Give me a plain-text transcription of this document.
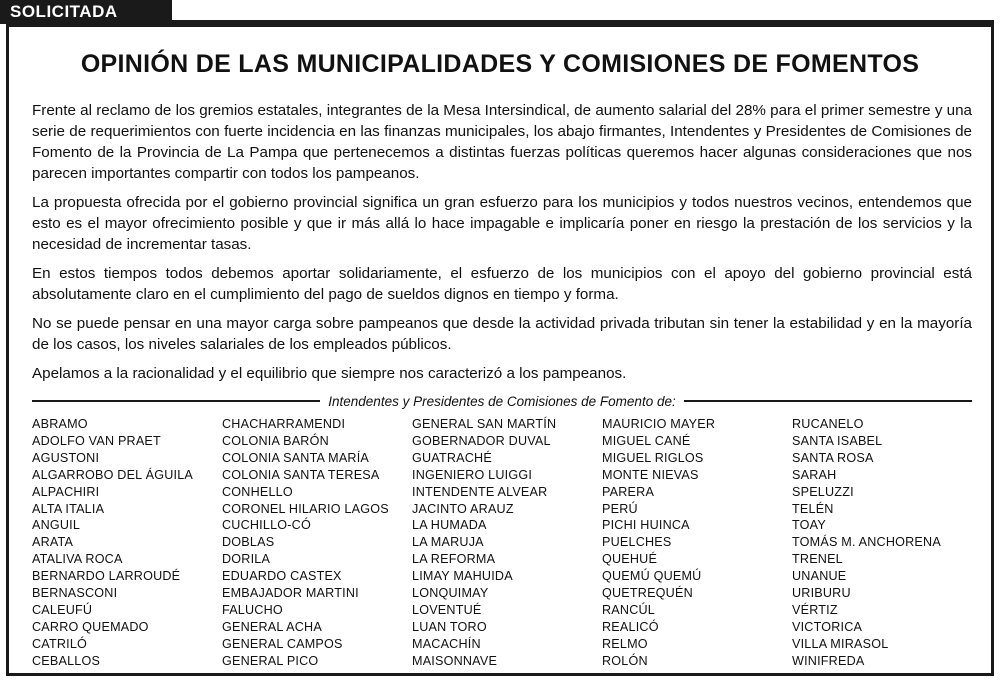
SOLICITADA
OPINIÓN DE LAS MUNICIPALIDADES Y COMISIONES DE FOMENTOS

Frente al reclamo de los gremios estatales, integrantes de la Mesa Intersindical, de aumento salarial del 28% para el primer semestre y una serie de requerimientos con fuerte incidencia en las finanzas municipales, los abajo firmantes, Intendentes y Presidentes de Comisiones de Fomento de la Provincia de La Pampa que pertenecemos a distintas fuerzas políticas queremos hacer algunas consideraciones que nos parecen importantes compartir con todos los pampeanos.

La propuesta ofrecida por el gobierno provincial significa un gran esfuerzo para los municipios y todos nuestros vecinos, entendemos que esto es el mayor ofrecimiento posible y que ir más allá lo hace impagable e implicaría poner en riesgo la prestación de los servicios y la necesidad de incrementar tasas.

En estos tiempos todos debemos aportar solidariamente, el esfuerzo de los municipios con el apoyo del gobierno provincial está absolutamente claro en el cumplimiento del pago de sueldos dignos en tiempo y forma.

No se puede pensar en una mayor carga sobre pampeanos que desde la actividad privada tributan sin tener la estabilidad y en la mayoría de los casos, los niveles salariales de los empleados públicos.

Apelamos a la racionalidad y el equilibrio que siempre nos caracterizó a los pampeanos.

Intendentes y Presidentes de Comisiones de Fomento de:
ABRAMO
ADOLFO VAN PRAET
AGUSTONI
ALGARROBO DEL ÁGUILA
ALPACHIRI
ALTA ITALIA
ANGUIL
ARATA
ATALIVA ROCA
BERNARDO LARROUDÉ
BERNASCONI
CALEUFÚ
CARRO QUEMADO
CATRILÓ
CEBALLOS
CHACHARRAMENDI
COLONIA BARÓN
COLONIA SANTA MARÍA
COLONIA SANTA TERESA
CONHELLO
CORONEL HILARIO LAGOS
CUCHILLO-CÓ
DOBLAS
DORILA
EDUARDO CASTEX
EMBAJADOR MARTINI
FALUCHO
GENERAL ACHA
GENERAL CAMPOS
GENERAL PICO
GENERAL SAN MARTÍN
GOBERNADOR DUVAL
GUATRACHÉ
INGENIERO LUIGGI
INTENDENTE ALVEAR
JACINTO ARAUZ
LA HUMADA
LA MARUJA
LA REFORMA
LIMAY MAHUIDA
LONQUIMAY
LOVENTUÉ
LUAN TORO
MACACHÍN
MAISONNAVE
MAURICIO MAYER
MIGUEL CANÉ
MIGUEL RIGLOS
MONTE NIEVAS
PARERA
PERÚ
PICHI HUINCA
PUELCHES
QUEHUÉ
QUEMÚ QUEMÚ
QUETREQUÉN
RANCÚL
REALICÓ
RELMO
ROLÓN
RUCANELO
SANTA ISABEL
SANTA ROSA
SARAH
SPELUZZI
TELÉN
TOAY
TOMÁS M. ANCHORENA
TRENEL
UNANUE
URIBURU
VÉRTIZ
VICTORICA
VILLA MIRASOL
WINIFREDA
